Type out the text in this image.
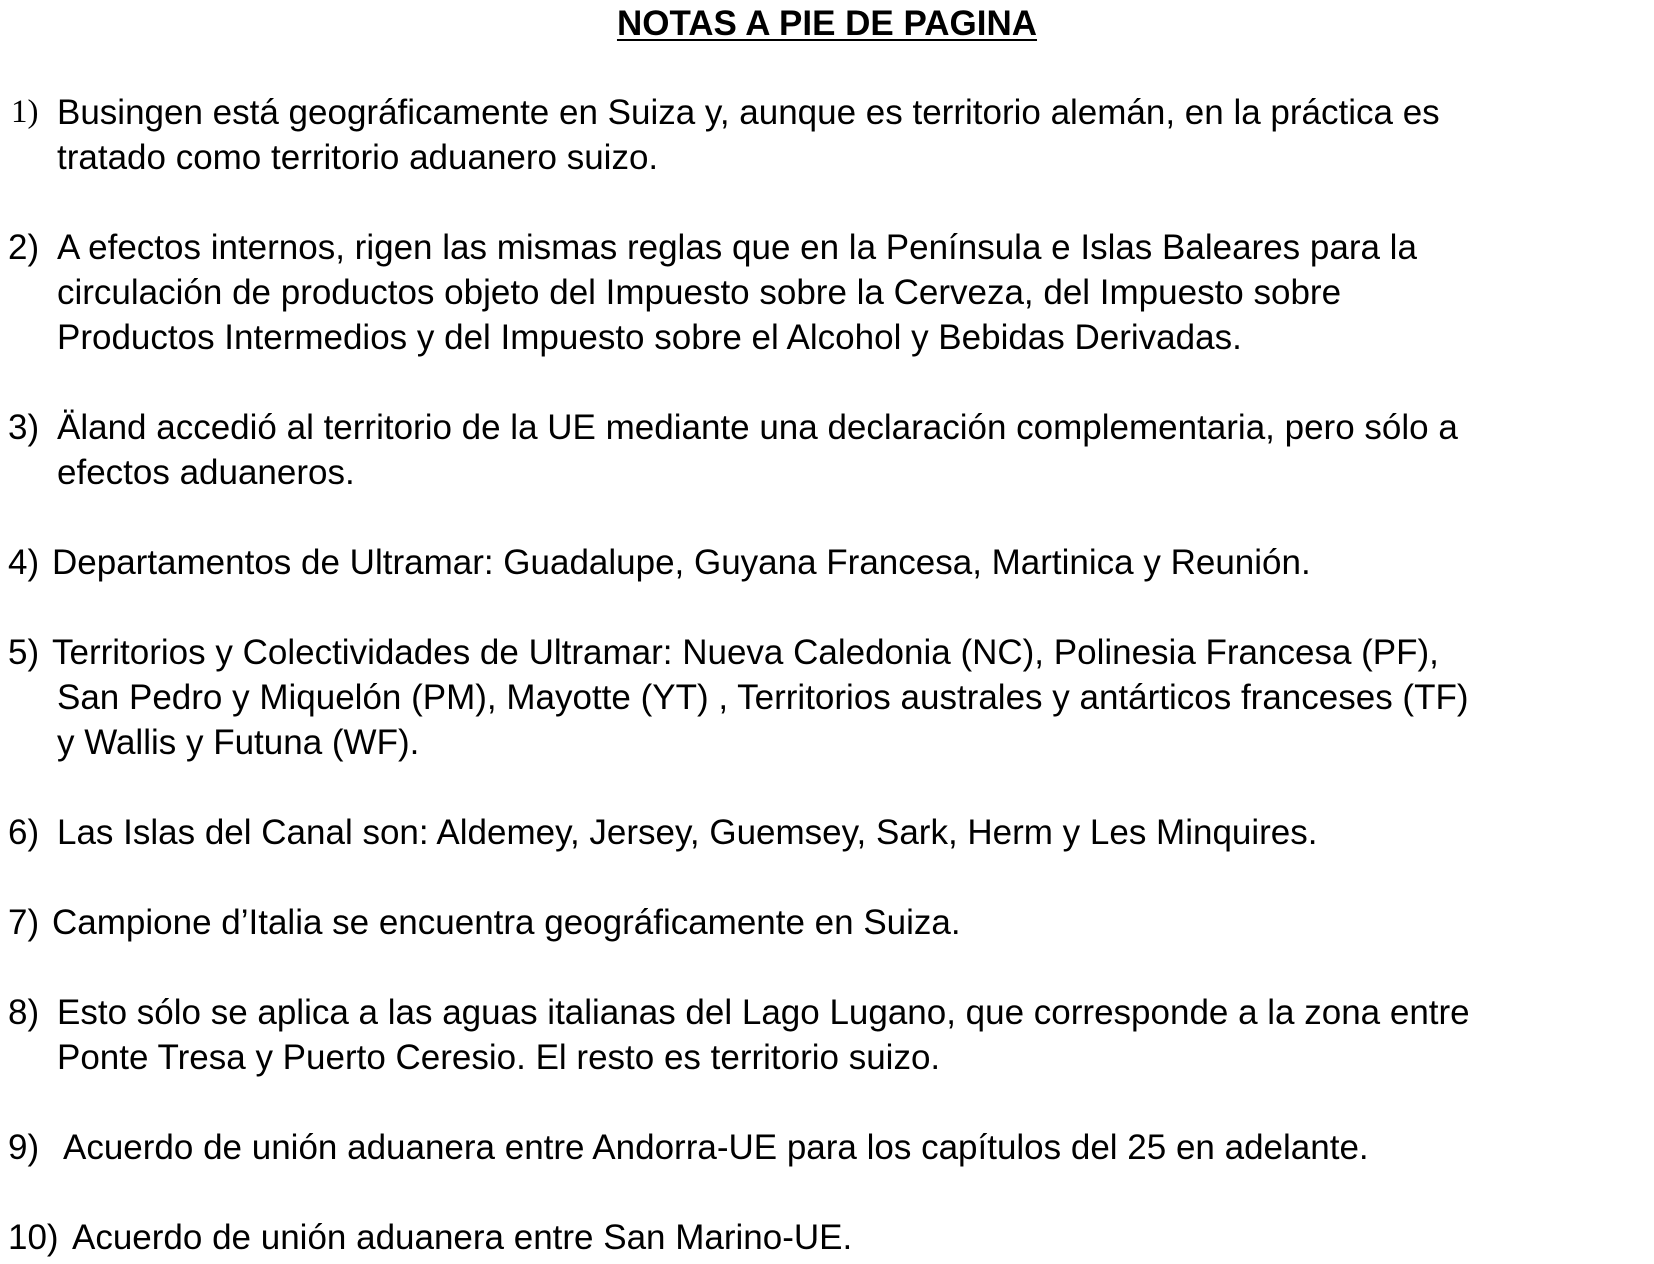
NOTAS A PIE DE PAGINA
1) Busingen está geográficamente en Suiza y, aunque es territorio alemán, en la práctica es
tratado como territorio aduanero suizo.
2) A efectos internos, rigen las mismas reglas que en la Península e Islas Baleares para la
circulación de productos objeto del Impuesto sobre la Cerveza, del Impuesto sobre
Productos Intermedios y del Impuesto sobre el Alcohol y Bebidas Derivadas.
3) Äland accedió al territorio de la UE mediante una declaración complementaria, pero sólo a
efectos aduaneros.
4) Departamentos de Ultramar: Guadalupe, Guyana Francesa, Martinica y Reunión.
5) Territorios y Colectividades de Ultramar: Nueva Caledonia (NC), Polinesia Francesa (PF),
San Pedro y Miquelón (PM), Mayotte (YT) , Territorios australes y antárticos franceses (TF)
y Wallis y Futuna (WF).
6) Las Islas del Canal son: Aldemey, Jersey, Guemsey, Sark, Herm y Les Minquires.
7) Campione d’Italia se encuentra geográficamente en Suiza.
8) Esto sólo se aplica a las aguas italianas del Lago Lugano, que corresponde a la zona entre
Ponte Tresa y Puerto Ceresio. El resto es territorio suizo.
9) Acuerdo de unión aduanera entre Andorra-UE para los capítulos del 25 en adelante.
10) Acuerdo de unión aduanera entre San Marino-UE.
